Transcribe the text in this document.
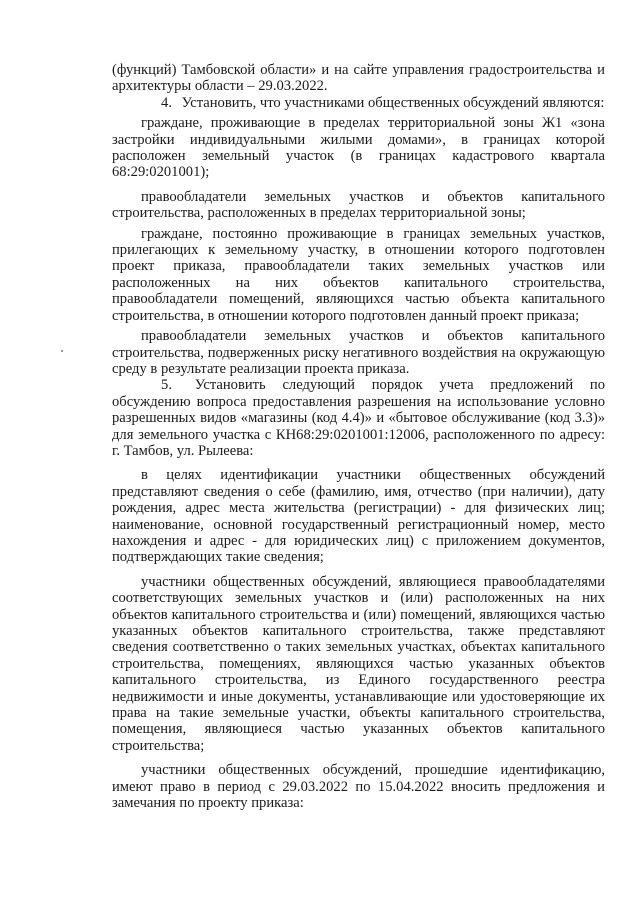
(функций) Тамбовской области» и на сайте управления градостроительства и архитектуры области – 29.03.2022.

4. Установить, что участниками общественных обсуждений являются:

граждане, проживающие в пределах территориальной зоны Ж1 «зона застройки индивидуальными жилыми домами», в границах которой расположен земельный участок (в границах кадастрового квартала 68:29:0201001);

правообладатели земельных участков и объектов капитального строительства, расположенных в пределах территориальной зоны;

граждане, постоянно проживающие в границах земельных участков, прилегающих к земельному участку, в отношении которого подготовлен проект приказа, правообладатели таких земельных участков или расположенных на них объектов капитального строительства, правообладатели помещений, являющихся частью объекта капитального строительства, в отношении которого подготовлен данный проект приказа;

правообладатели земельных участков и объектов капитального строительства, подверженных риску негативного воздействия на окружающую среду в результате реализации проекта приказа.

5. Установить следующий порядок учета предложений по обсуждению вопроса предоставления разрешения на использование условно разрешенных видов «магазины (код 4.4)» и «бытовое обслуживание (код 3.3)» для земельного участка с КН68:29:0201001:12006, расположенного по адресу: г. Тамбов, ул. Рылеева:

в целях идентификации участники общественных обсуждений представляют сведения о себе (фамилию, имя, отчество (при наличии), дату рождения, адрес места жительства (регистрации) - для физических лиц; наименование, основной государственный регистрационный номер, место нахождения и адрес - для юридических лиц) с приложением документов, подтверждающих такие сведения;

участники общественных обсуждений, являющиеся правообладателями соответствующих земельных участков и (или) расположенных на них объектов капитального строительства и (или) помещений, являющихся частью указанных объектов капитального строительства, также представляют сведения соответственно о таких земельных участках, объектах капитального строительства, помещениях, являющихся частью указанных объектов капитального строительства, из Единого государственного реестра недвижимости и иные документы, устанавливающие или удостоверяющие их права на такие земельные участки, объекты капитального строительства, помещения, являющиеся частью указанных объектов капитального строительства;

участники общественных обсуждений, прошедшие идентификацию, имеют право в период с 29.03.2022 по 15.04.2022 вносить предложения и замечания по проекту приказа:
